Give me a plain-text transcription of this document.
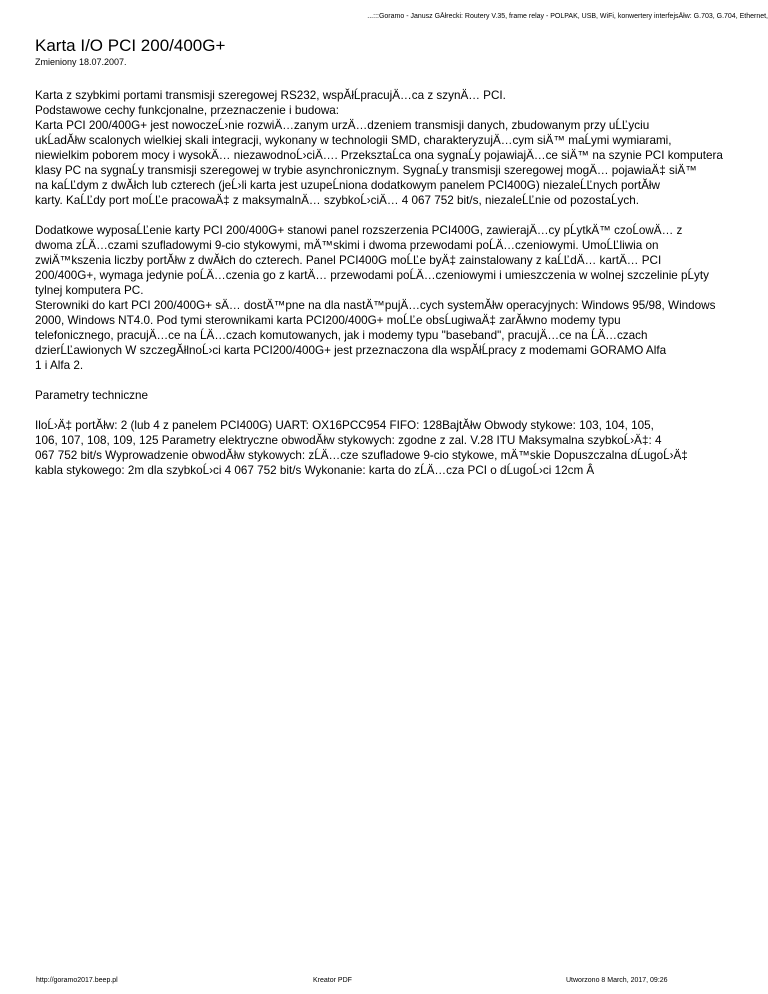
...:::Goramo - Janusz GĂłrecki: Routery V.35, frame relay - POLPAK, USB, WiFi, konwertery interfejsĂłw: G.703, G.704, Ethernet,
Karta I/O PCI 200/400G+
Zmieniony 18.07.2007.

Karta z szybkimi portami transmisji szeregowej RS232, wspĂłĹpracujÄ…ca z szynÄ… PCI.

Podstawowe cechy funkcjonalne, przeznaczenie i budowa:

Karta PCI 200/400G+ jest nowoczeĹ›nie rozwiÄ…zanym urzÄ…dzeniem transmisji danych, zbudowanym przy uĹĽyciu

ukĹadĂłw scalonych wielkiej skali integracji, wykonany w technologii SMD, charakteryzujÄ…cym siÄ™ maĹymi wymiarami,

niewielkim poborem mocy i wysokÄ… niezawodnoĹ›ciÄ…. PrzeksztaĹca ona sygnaĹy pojawiajÄ…ce siÄ™ na szynie PCI komputera

klasy PC na sygnaĹy transmisji szeregowej w trybie asynchronicznym. SygnaĹy transmisji szeregowej mogÄ… pojawiaÄ‡ siÄ™

na kaĹĽdym z dwĂłch lub czterech (jeĹ›li karta jest uzupeĹniona dodatkowym panelem PCI400G) niezaleĹĽnych portĂłw

karty. KaĹĽdy port moĹĽe pracowaÄ‡ z maksymalnÄ… szybkoĹ›ciÄ… 4 067 752 bit/s, niezaleĹĽnie od pozostaĹych.

Dodatkowe wyposaĹĽenie karty PCI 200/400G+ stanowi panel rozszerzenia PCI400G, zawierajÄ…cy pĹytkÄ™ czoĹowÄ… z

dwoma zĹÄ…czami szufladowymi 9-cio stykowymi, mÄ™skimi i dwoma przewodami poĹÄ…czeniowymi. UmoĹĽliwia on

zwiÄ™kszenia liczby portĂłw z dwĂłch do czterech. Panel PCI400G moĹĽe byÄ‡ zainstalowany z kaĹĽdÄ… kartÄ… PCI

200/400G+, wymaga jedynie poĹÄ…czenia go z kartÄ… przewodami poĹÄ…czeniowymi i umieszczenia w wolnej szczelinie pĹyty

tylnej komputera PC.

Sterowniki do kart PCI 200/400G+ sÄ… dostÄ™pne na dla nastÄ™pujÄ…cych systemĂłw operacyjnych: Windows 95/98, Windows

2000, Windows NT4.0. Pod tymi sterownikami karta PCI200/400G+ moĹĽe obsĹugiwaÄ‡ zarĂłwno modemy typu

telefonicznego, pracujÄ…ce na ĹÄ…czach komutowanych, jak i modemy typu "baseband", pracujÄ…ce na ĹÄ…czach

dzierĹĽawionych W szczegĂłlnoĹ›ci karta PCI200/400G+ jest przeznaczona dla wspĂłĹpracy z modemami GORAMO Alfa

1 i Alfa 2.

Parametry techniczne

IloĹ›Ä‡ portĂłw: 2 (lub 4 z panelem PCI400G) UART: OX16PCC954 FIFO: 128BajtĂłw Obwody stykowe: 103, 104, 105,

106, 107, 108, 109, 125 Parametry elektryczne obwodĂłw stykowych: zgodne z zal. V.28 ITU Maksymalna szybkoĹ›Ä‡: 4

067 752 bit/s Wyprowadzenie obwodĂłw stykowych: zĹÄ…cze szufladowe 9-cio stykowe, mÄ™skie Dopuszczalna dĹugoĹ›Ä‡

kabla stykowego: 2m dla szybkoĹ›ci 4 067 752 bit/s Wykonanie: karta do zĹÄ…cza PCI o dĹugoĹ›ci 12cm Â

http://goramo2017.beep.pl	Kreator PDF	Utworzono 8 March, 2017, 09:26
